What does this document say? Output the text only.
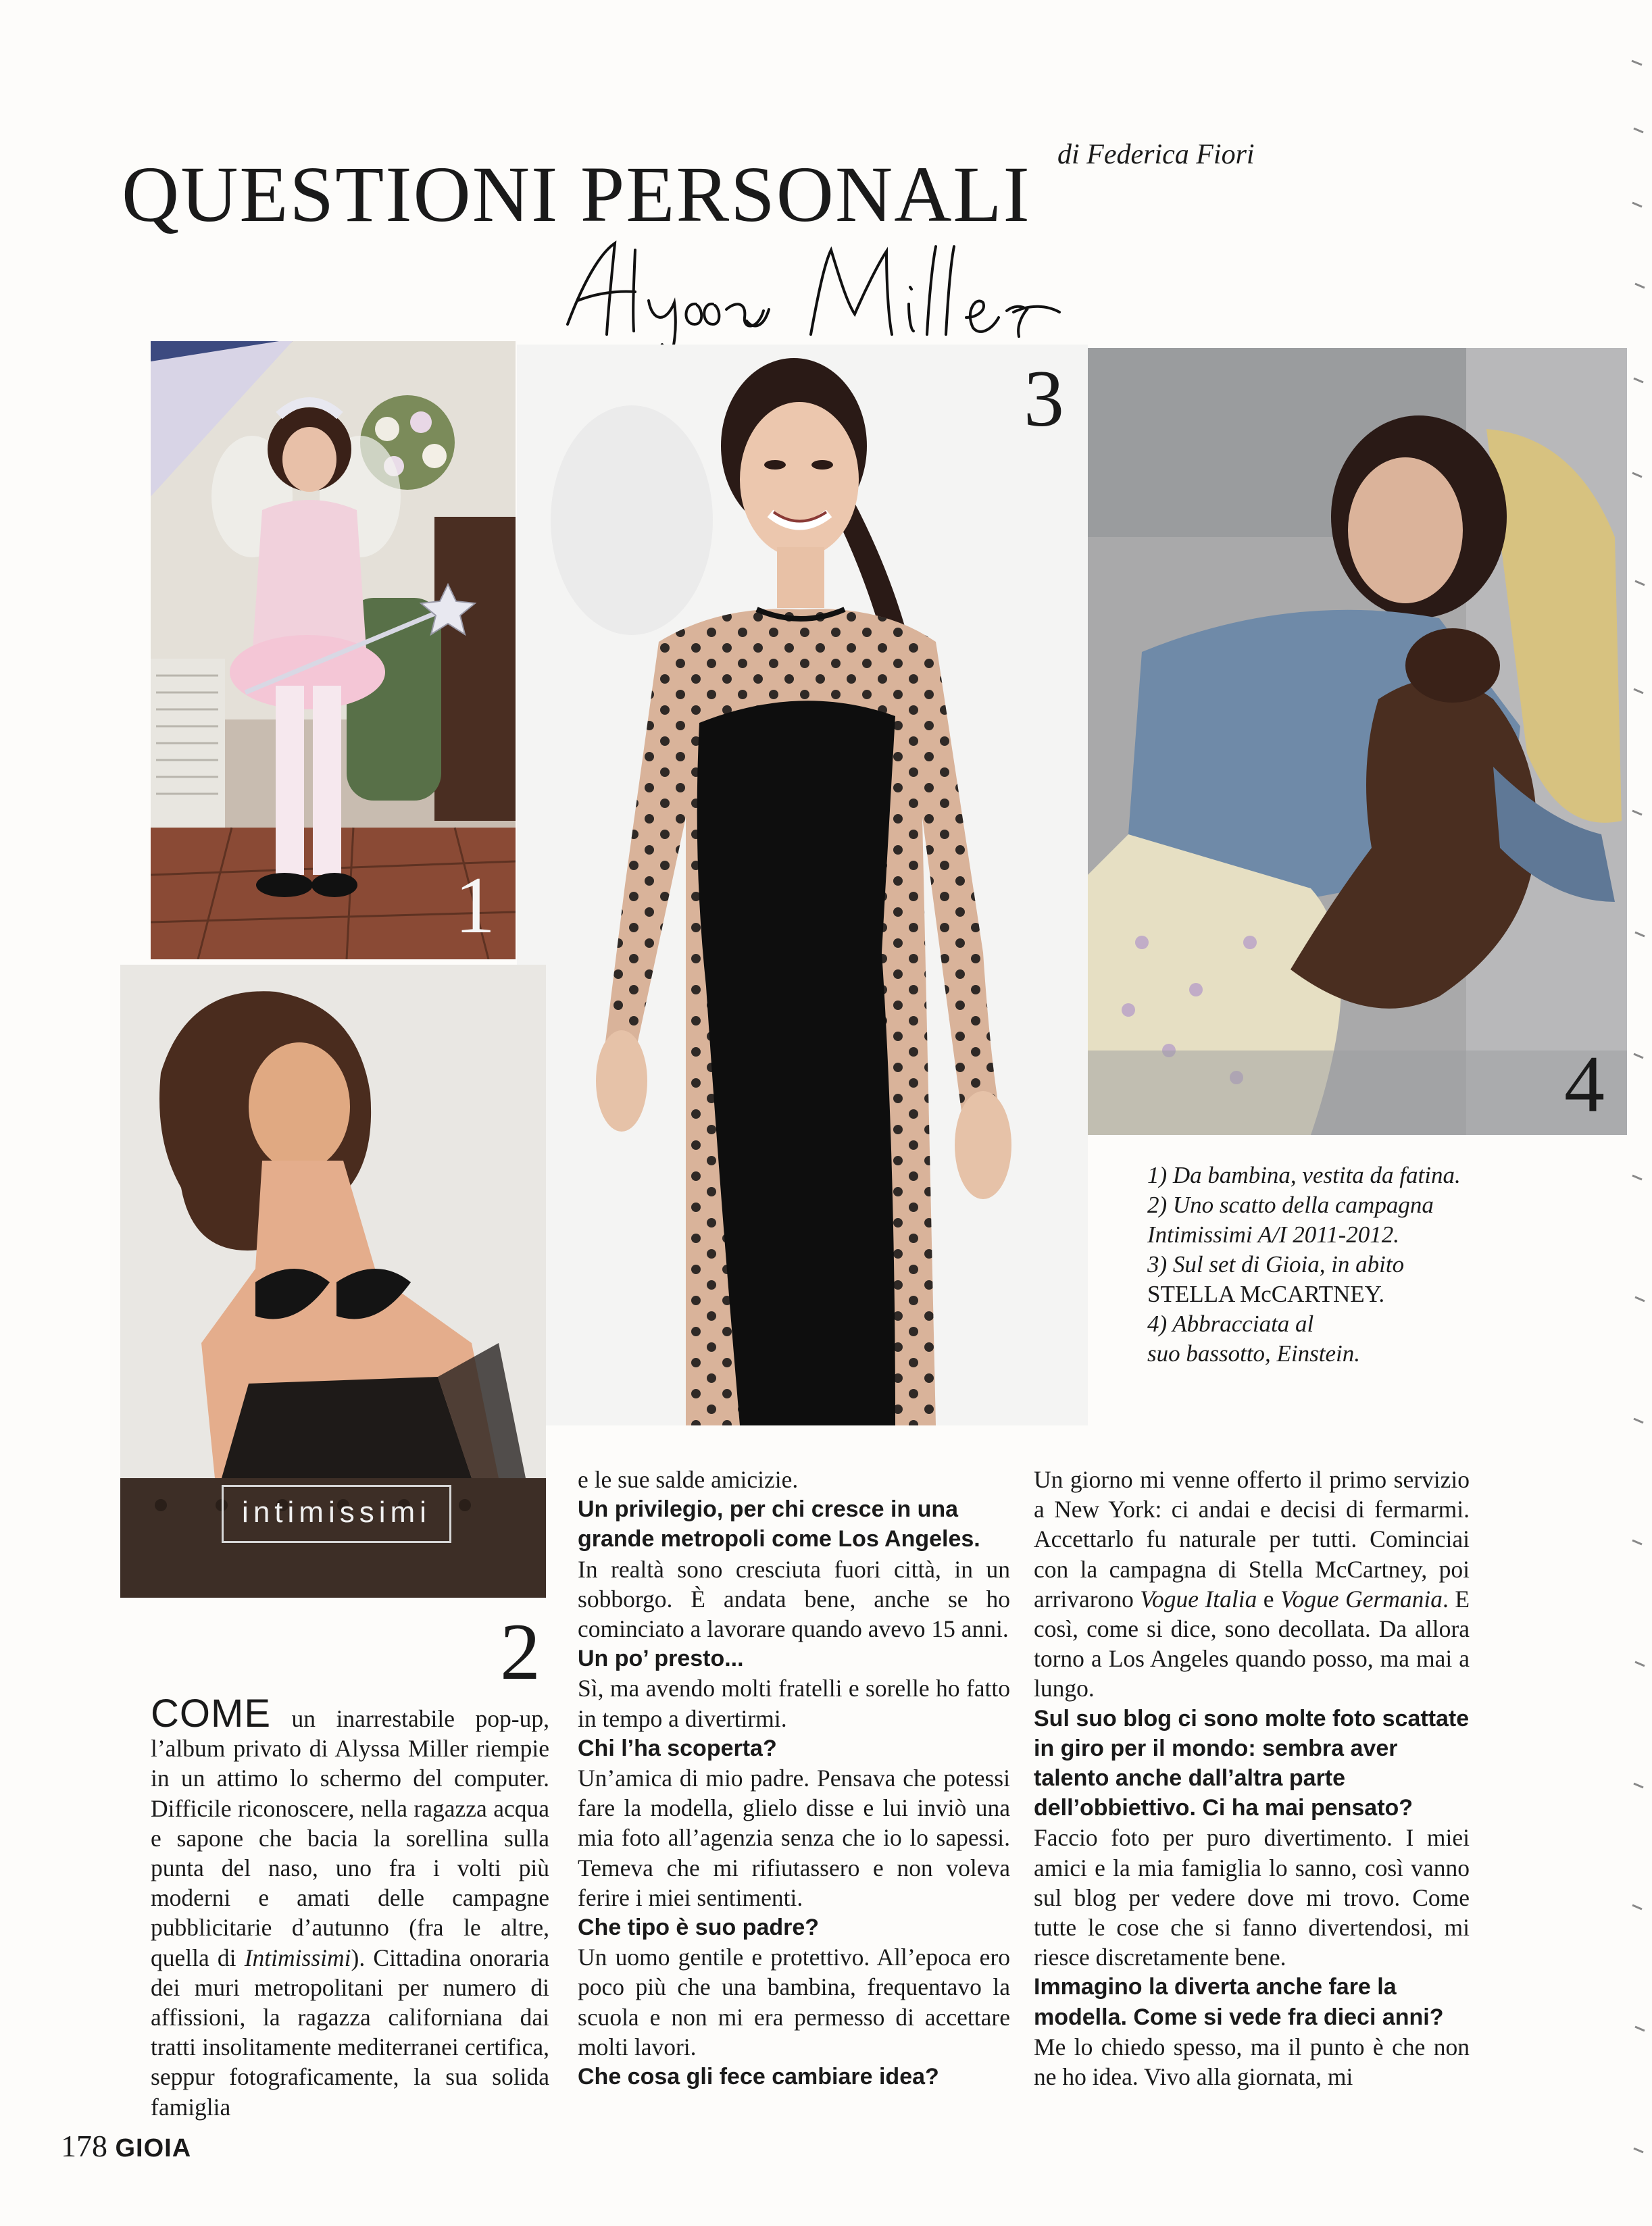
QUESTIONI PERSONALI di Federica Fiori
1
3
4
intimissimi
2

1) Da bambina, vestita da fatina.

2) Uno scatto della campagna

Intimissimi A/I 2011-2012.

3) Sul set di Gioia, in abito

STELLA McCARTNEY.

4) Abbracciata al

suo bassotto, Einstein.

COME un inarrestabile pop-up, l’album privato di Alyssa Miller riempie in un attimo lo schermo del computer. Difficile riconoscere, nella ragazza acqua e sapone che bacia la sorellina sulla punta del naso, uno fra i volti più moderni e amati delle campagne pubblicitarie d’autunno (fra le altre, quella di Intimissimi). Cittadina onoraria dei muri metropolitani per numero di affissioni, la ragazza californiana dai tratti insolitamente mediterranei certifica, seppur fotograficamente, la sua solida famiglia

e le sue salde amicizie.

Un privilegio, per chi cresce in una grande metropoli come Los Angeles.

In realtà sono cresciuta fuori città, in un sobborgo. È andata bene, anche se ho cominciato a lavorare quando avevo 15 anni.

Un po’ presto...

Sì, ma avendo molti fratelli e sorelle ho fatto in tempo a divertirmi.

Chi l’ha scoperta?

Un’amica di mio padre. Pensava che potessi fare la modella, glielo disse e lui inviò una mia foto all’agenzia senza che io lo sapessi. Temeva che mi rifiutassero e non voleva ferire i miei sentimenti.

Che tipo è suo padre?

Un uomo gentile e protettivo. All’epoca ero poco più che una bambina, frequentavo la scuola e non mi era permesso di accettare molti lavori.

Che cosa gli fece cambiare idea?

Un giorno mi venne offerto il primo servizio a New York: ci andai e decisi di fermarmi. Accettarlo fu naturale per tutti. Cominciai con la campagna di Stella McCartney, poi arrivarono Vogue Italia e Vogue Germania. E così, come si dice, sono decollata. Da allora torno a Los Angeles quando posso, ma mai a lungo.

Sul suo blog ci sono molte foto scattate in giro per il mondo: sembra aver talento anche dall’altra parte dell’obbiettivo. Ci ha mai pensato?

Faccio foto per puro divertimento. I miei amici e la mia famiglia lo sanno, così vanno sul blog per vedere dove mi trovo. Come tutte le cose che si fanno divertendosi, mi riesce discretamente bene.

Immagino la diverta anche fare la modella. Come si vede fra dieci anni?

Me lo chiedo spesso, ma il punto è che non ne ho idea. Vivo alla giornata, mi

178 GIOIA
